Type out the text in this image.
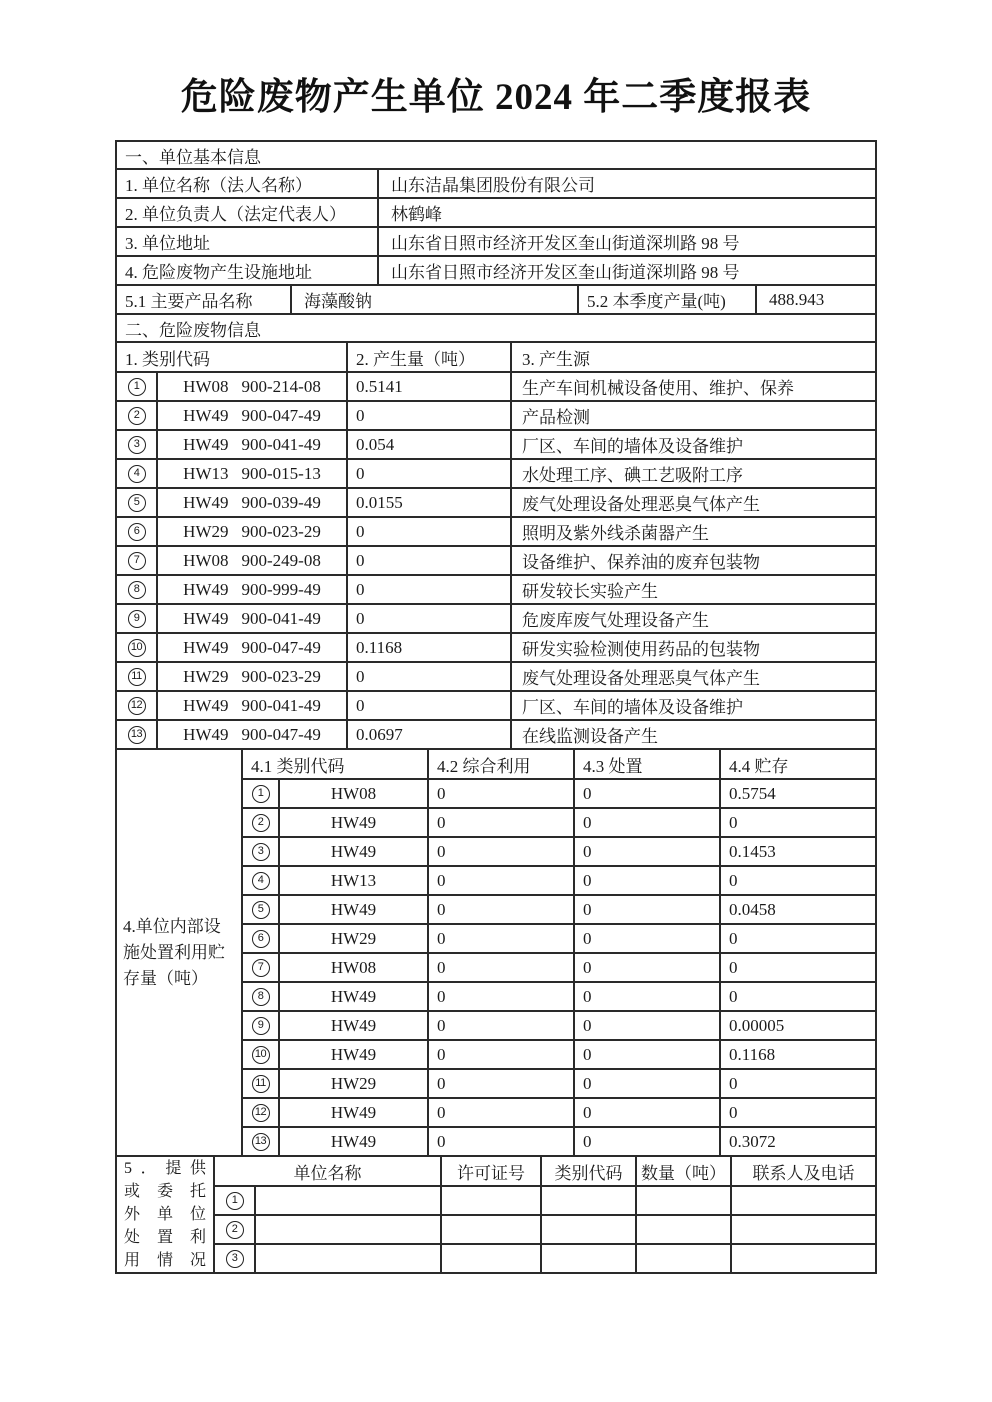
危险废物产生单位 2024 年二季度报表
一、单位基本信息
1. 单位名称（法人名称）	山东洁晶集团股份有限公司
2. 单位负责人（法定代表人）	林鹤峰
3. 单位地址	山东省日照市经济开发区奎山街道深圳路 98 号
4. 危险废物产生设施地址	山东省日照市经济开发区奎山街道深圳路 98 号
5.1 主要产品名称	海藻酸钠	5.2 本季度产量(吨)	488.943
二、危险废物信息
1. 类别代码	2. 产生量（吨）	3. 产生源
1	HW08 900-214-08	0.5141	生产车间机械设备使用、维护、保养
2	HW49 900-047-49	0	产品检测
3	HW49 900-041-49	0.054	厂区、车间的墙体及设备维护
4	HW13 900-015-13	0	水处理工序、碘工艺吸附工序
5	HW49 900-039-49	0.0155	废气处理设备处理恶臭气体产生
6	HW29 900-023-29	0	照明及紫外线杀菌器产生
7	HW08 900-249-08	0	设备维护、保养油的废弃包装物
8	HW49 900-999-49	0	研发较长实验产生
9	HW49 900-041-49	0	危废库废气处理设备产生
10 HW49 900-047-49	0.1168	研发实验检测使用药品的包装物
11 HW29 900-023-29	0	废气处理设备处理恶臭气体产生
12 HW49 900-041-49	0	厂区、车间的墙体及设备维护
13 HW49 900-047-49	0.0697	在线监测设备产生
4.单位内部设
施处置利用贮
存量（吨）
4.1 类别代码	4.2 综合利用	4.3 处置	4.4 贮存
1	HW08	0	0	0.5754
2	HW49	0	0	0
3	HW49	0	0	0.1453
4	HW13	0	0	0
5	HW49	0	0	0.0458
6	HW29	0	0	0
7	HW08	0	0	0
8	HW49	0	0	0
9	HW49	0	0	0.00005
10	HW49	0	0	0.1168
11	HW29	0	0	0
12	HW49	0	0	0
13	HW49	0	0	0.3072
5．提供
或委托
外单位
处置利
用情况
单位名称	许可证号	类别代码	数量（吨）	联系人及电话
1
2
3
